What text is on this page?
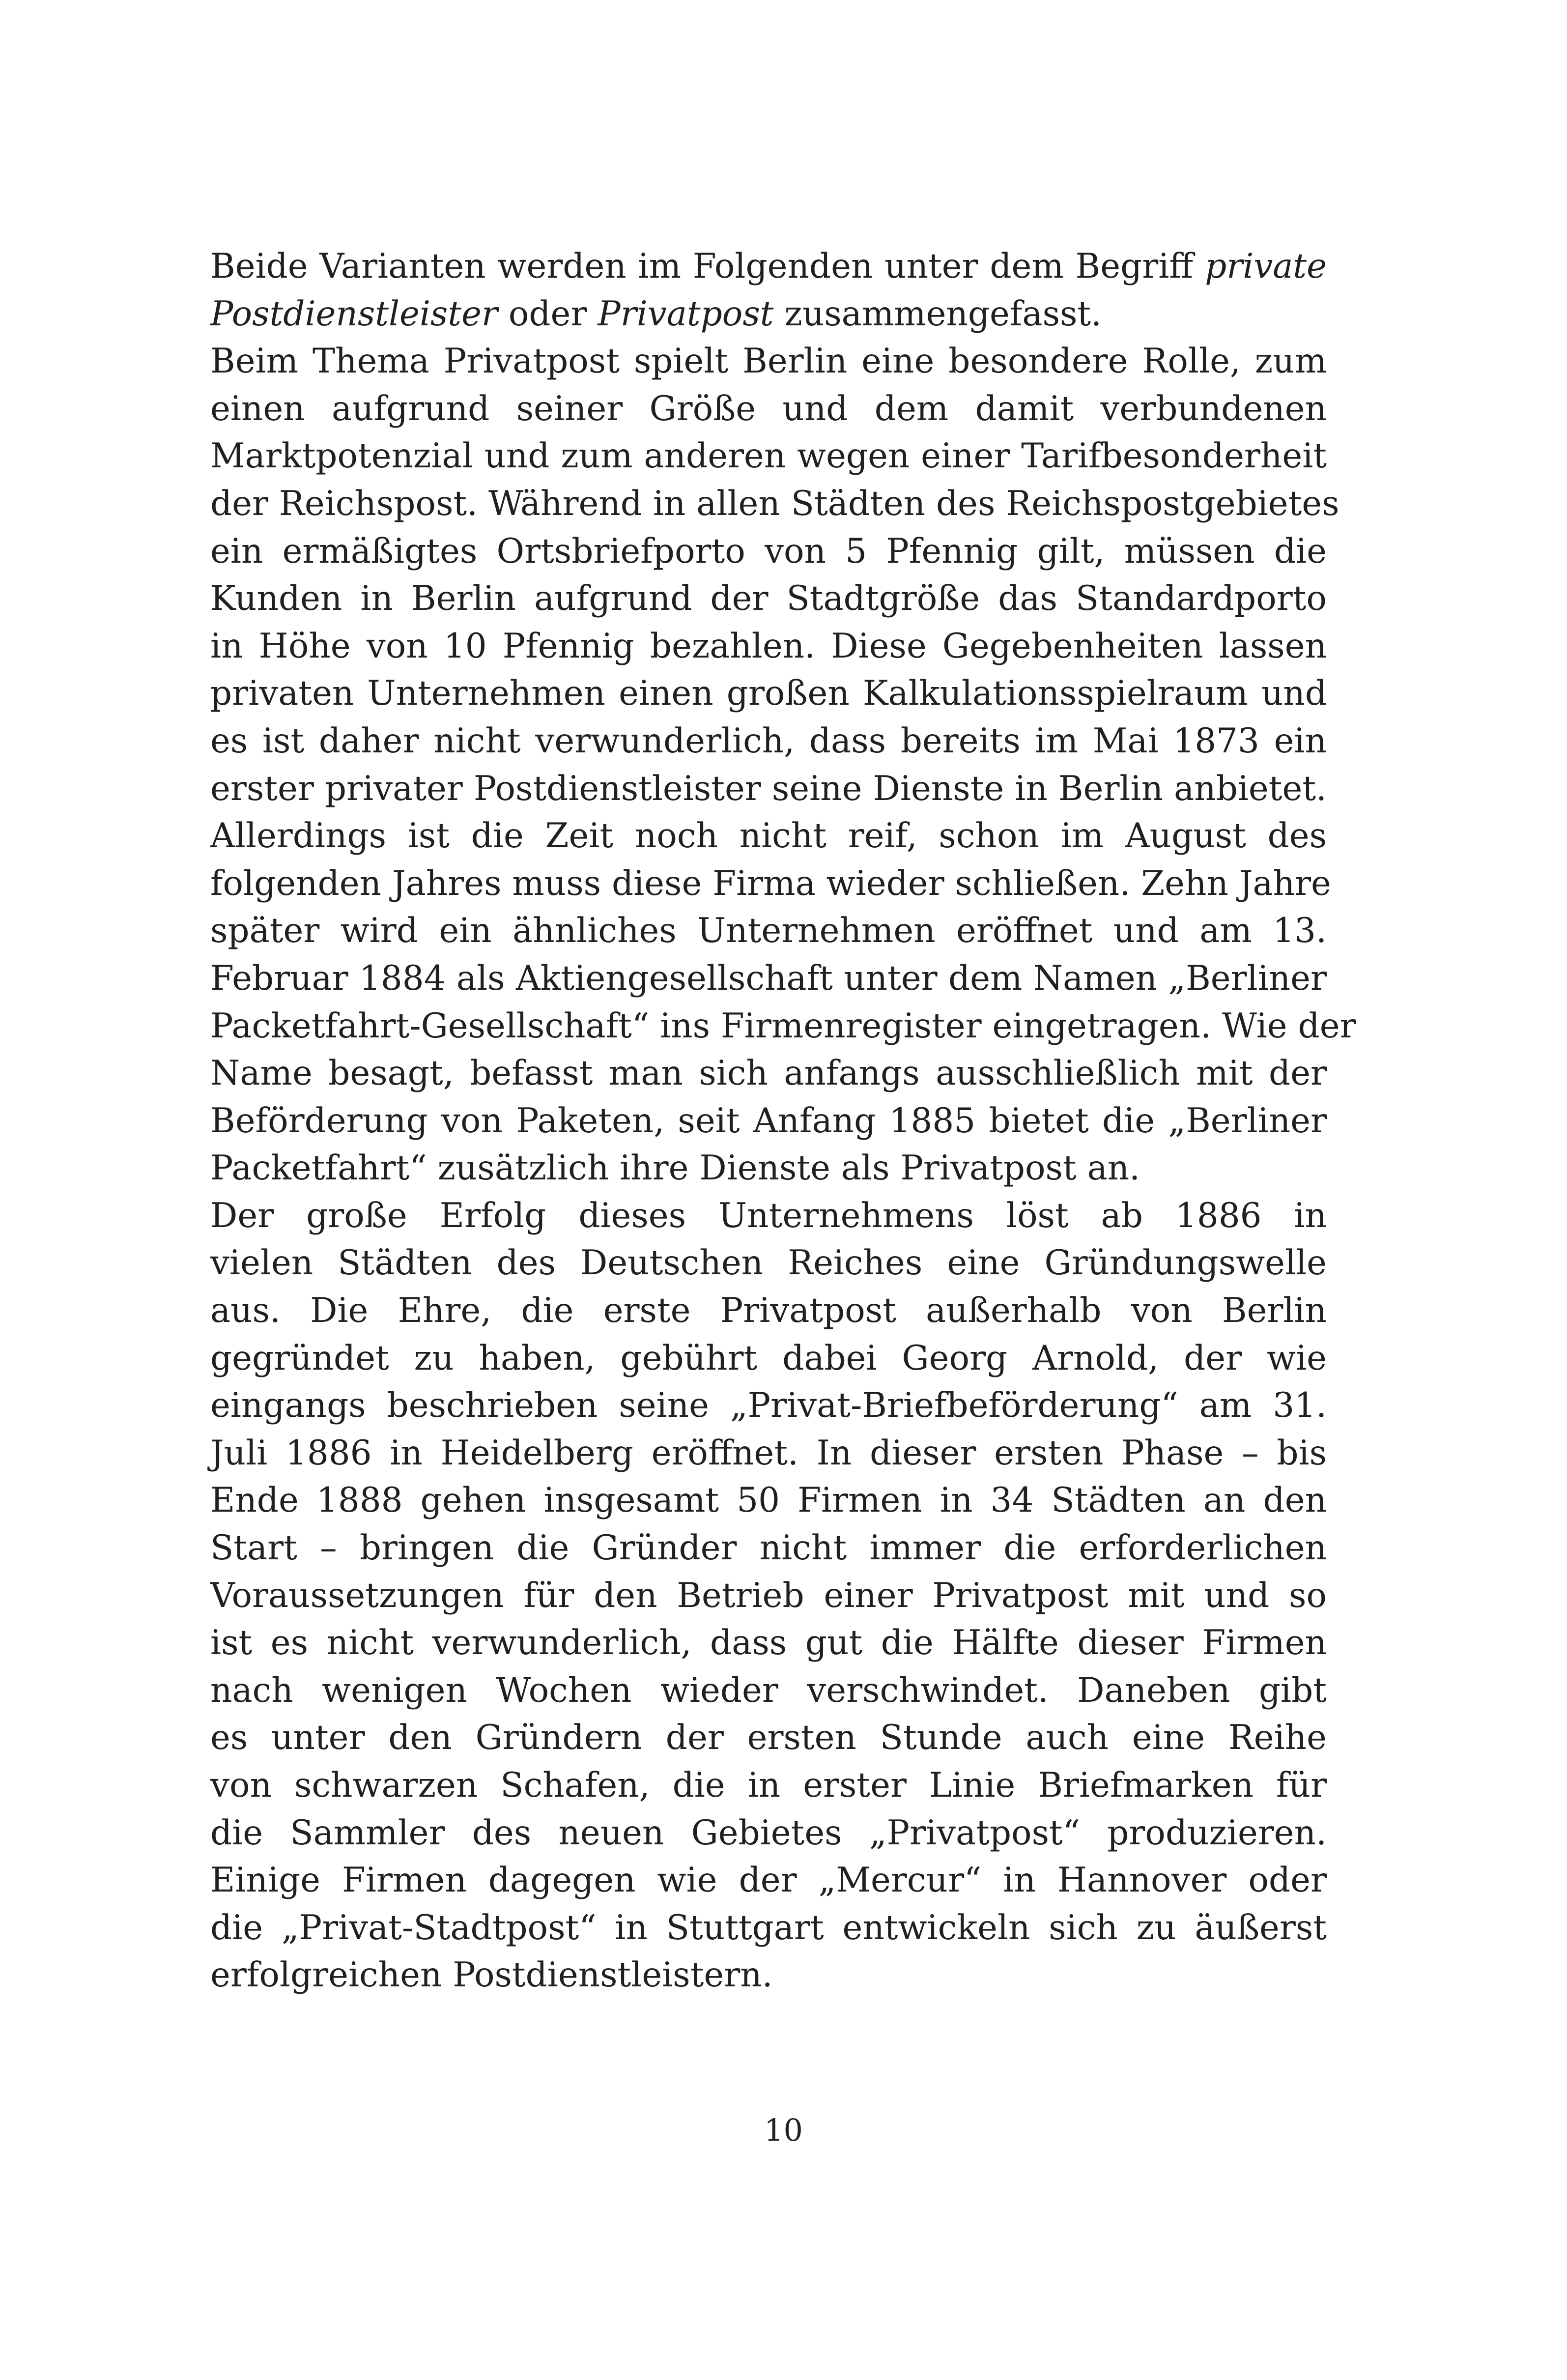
Beide Varianten werden im Folgenden unter dem Begriff private
Postdienstleister oder Privatpost zusammengefasst.
Beim Thema Privatpost spielt Berlin eine besondere Rolle, zum
einen aufgrund seiner Größe und dem damit verbundenen
Marktpotenzial und zum anderen wegen einer Tarifbesonderheit
der Reichspost. Während in allen Städten des Reichspostgebietes
ein ermäßigtes Ortsbriefporto von 5 Pfennig gilt, müssen die
Kunden in Berlin aufgrund der Stadtgröße das Standardporto
in Höhe von 10 Pfennig bezahlen. Diese Gegebenheiten lassen
privaten Unternehmen einen großen Kalkulationsspielraum und
es ist daher nicht verwunderlich, dass bereits im Mai 1873 ein
erster privater Postdienstleister seine Dienste in Berlin anbietet.
Allerdings ist die Zeit noch nicht reif, schon im August des
folgenden Jahres muss diese Firma wieder schließen. Zehn Jahre
später wird ein ähnliches Unternehmen eröffnet und am 13.
Februar 1884 als Aktiengesellschaft unter dem Namen „Berliner
Packetfahrt-Gesellschaft“ ins Firmenregister eingetragen. Wie der
Name besagt, befasst man sich anfangs ausschließlich mit der
Beförderung von Paketen, seit Anfang 1885 bietet die „Berliner
Packetfahrt“ zusätzlich ihre Dienste als Privatpost an.
Der große Erfolg dieses Unternehmens löst ab 1886 in
vielen Städten des Deutschen Reiches eine Gründungswelle
aus. Die Ehre, die erste Privatpost außerhalb von Berlin
gegründet zu haben, gebührt dabei Georg Arnold, der wie
eingangs beschrieben seine „Privat-Briefbeförderung“ am 31.
Juli 1886 in Heidelberg eröffnet. In dieser ersten Phase – bis
Ende 1888 gehen insgesamt 50 Firmen in 34 Städten an den
Start – bringen die Gründer nicht immer die erforderlichen
Voraussetzungen für den Betrieb einer Privatpost mit und so
ist es nicht verwunderlich, dass gut die Hälfte dieser Firmen
nach wenigen Wochen wieder verschwindet. Daneben gibt
es unter den Gründern der ersten Stunde auch eine Reihe
von schwarzen Schafen, die in erster Linie Briefmarken für
die Sammler des neuen Gebietes „Privatpost“ produzieren.
Einige Firmen dagegen wie der „Mercur“ in Hannover oder
die „Privat-Stadtpost“ in Stuttgart entwickeln sich zu äußerst
erfolgreichen Postdienstleistern.
10
